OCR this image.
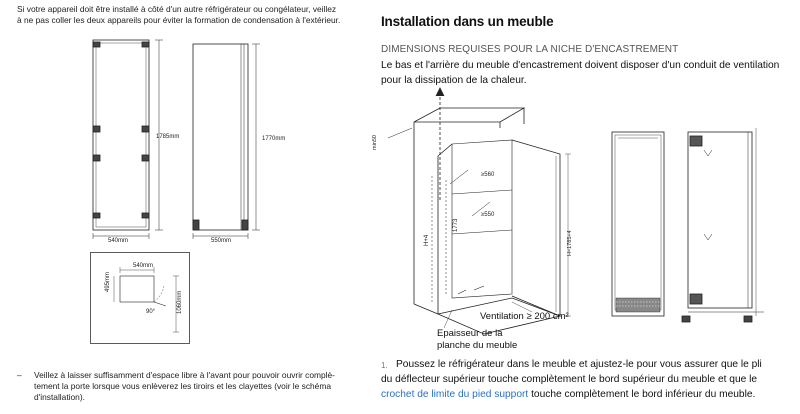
Si votre appareil doit être installé à côté d'un autre réfrigérateur ou congélateur, veillez
à ne pas coller les deux appareils pour éviter la formation de condensation à l'extérieur.
1785mm	1770mm
540mm	550mm
540mm
495mm
90°	1060mm
– Veillez à laisser suffisamment d'espace libre à l'avant pour pouvoir ouvrir complè-
tement la porte lorsque vous enlèverez les tiroirs et les clayettes (voir le schéma
d'installation).
Installation dans un meuble
DIMENSIONS REQUISES POUR LA NICHE D'ENCASTREMENT
Le bas et l'arrière du meuble d'encastrement doivent disposer d'un conduit de ventilation
pour la dissipation de la chaleur.
min50
≥560
≥550
1773
H+4	H=1785+4
Ventilation ≥ 200 cm²
Epaisseur de la
planche du meuble
1. Poussez le réfrigérateur dans le meuble et ajustez-le pour vous assurer que le pli
du déflecteur supérieur touche complètement le bord supérieur du meuble et que le
crochet de limite du pied support touche complètement le bord inférieur du meuble.
